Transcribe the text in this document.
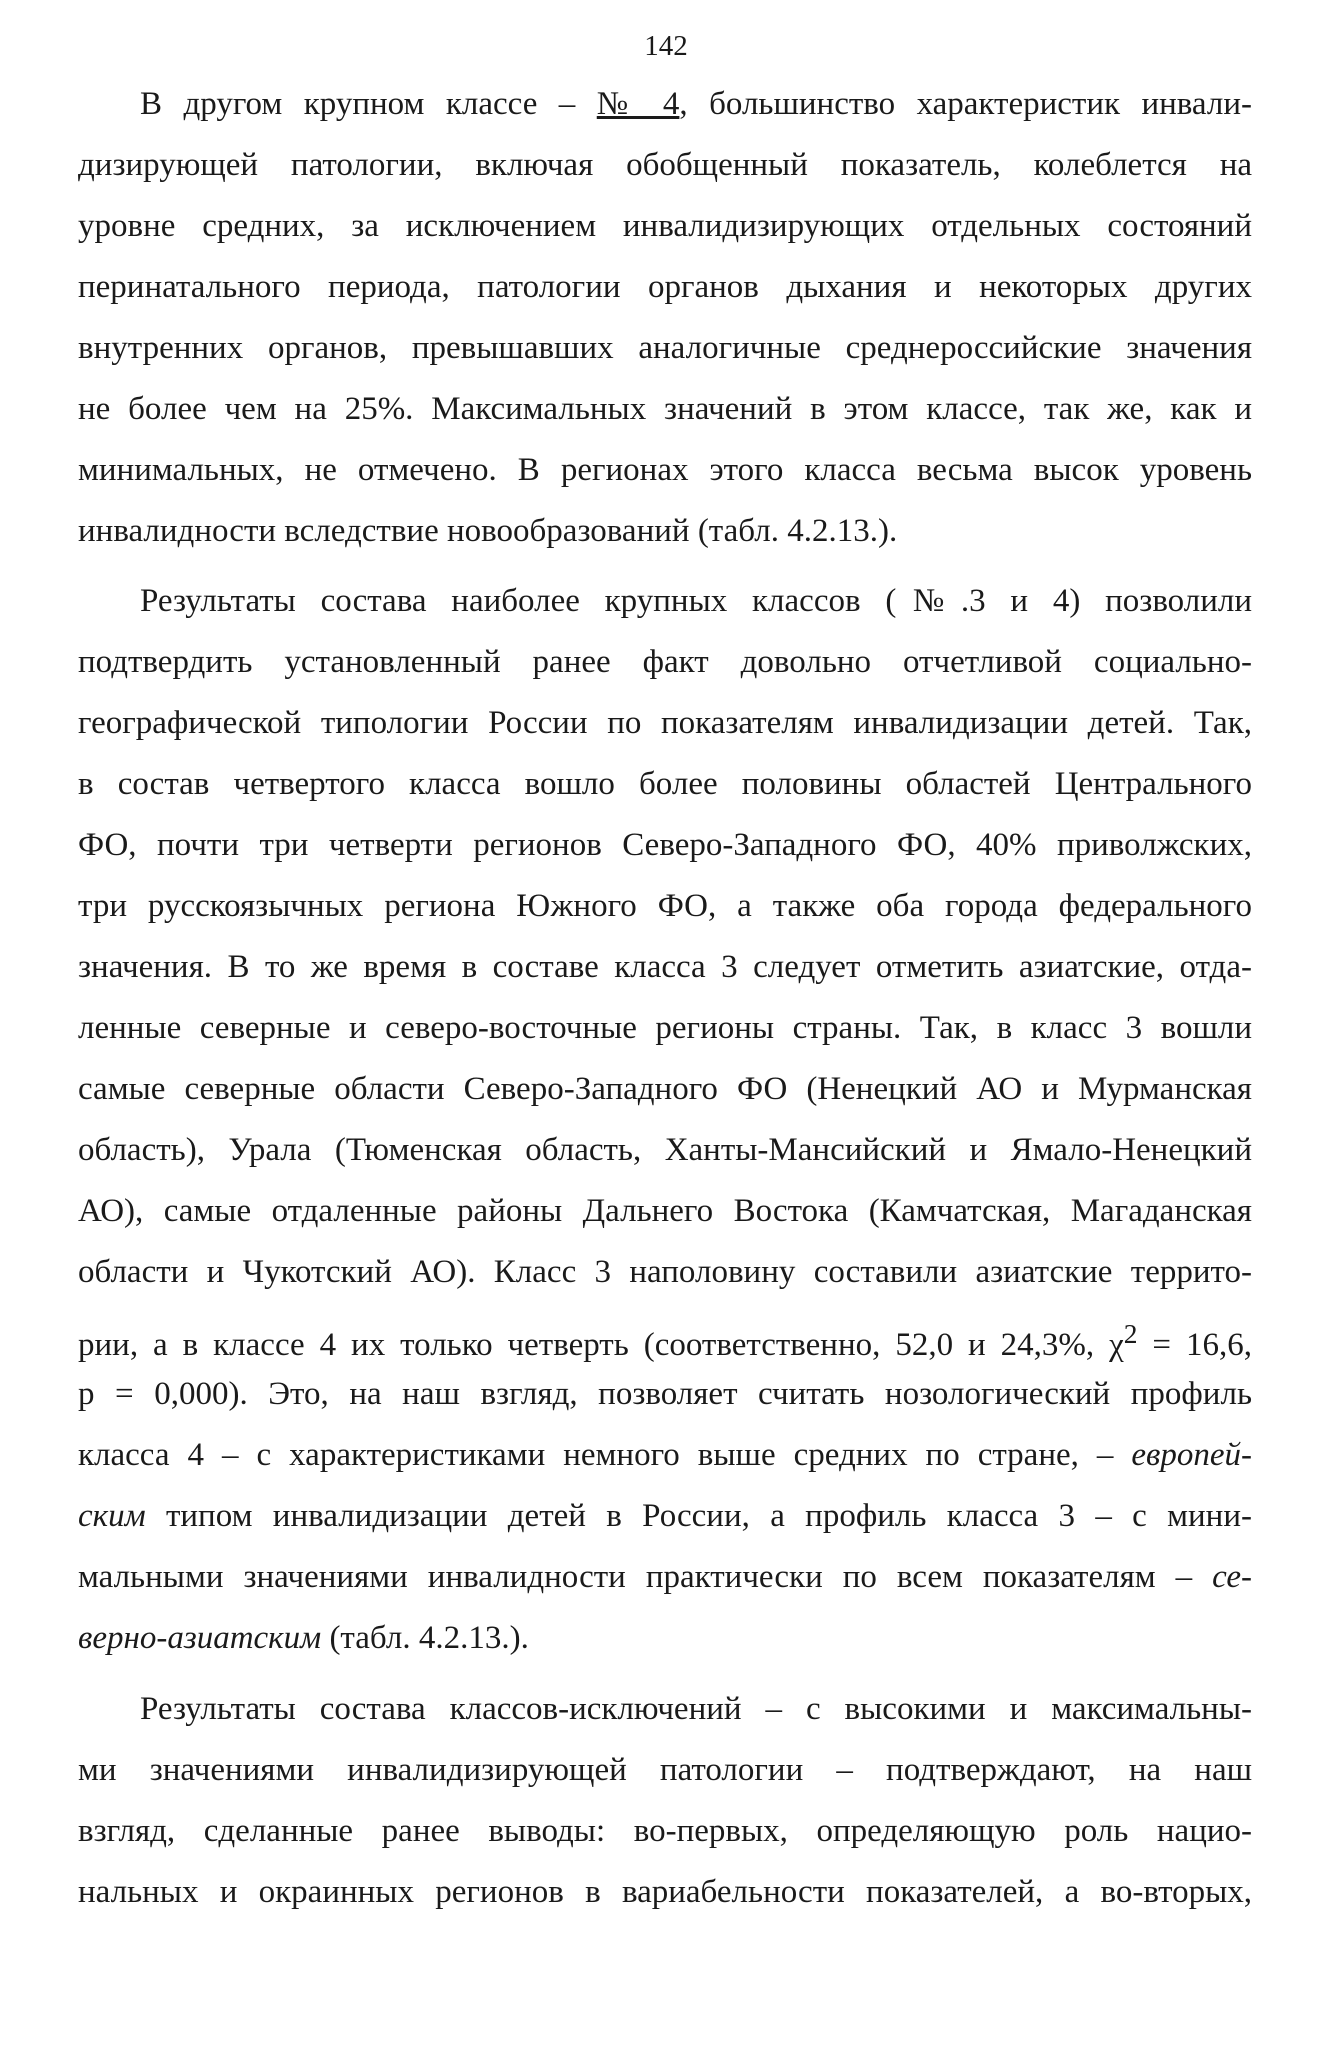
142
В другом крупном классе – № 4, большинство характеристик инвали-
дизирующей патологии, включая обобщенный показатель, колеблется на
уровне средних, за исключением инвалидизирующих отдельных состояний
перинатального периода, патологии органов дыхания и некоторых других
внутренних органов, превышавших аналогичные среднероссийские значения
не более чем на 25%. Максимальных значений в этом классе, так же, как и
минимальных, не отмечено. В регионах этого класса весьма высок уровень
инвалидности вследствие новообразований (табл. 4.2.13.).
Результаты состава наиболее крупных классов (№.3 и 4) позволили
подтвердить установленный ранее факт довольно отчетливой социально-
географической типологии России по показателям инвалидизации детей. Так,
в состав четвертого класса вошло более половины областей Центрального
ФО, почти три четверти регионов Северо-Западного ФО, 40% приволжских,
три русскоязычных региона Южного ФО, а также оба города федерального
значения. В то же время в составе класса 3 следует отметить азиатские, отда-
ленные северные и северо-восточные регионы страны. Так, в класс 3 вошли
самые северные области Северо-Западного ФО (Ненецкий АО и Мурманская
область), Урала (Тюменская область, Ханты-Мансийский и Ямало-Ненецкий
АО), самые отдаленные районы Дальнего Востока (Камчатская, Магаданская
области и Чукотский АО). Класс 3 наполовину составили азиатские террито-
рии, а в классе 4 их только четверть (соответственно, 52,0 и 24,3%, $\chi^2 = 16,6$,
p = 0,000). Это, на наш взгляд, позволяет считать нозологический профиль
класса 4 – с характеристиками немного выше средних по стране, – европей-
ским типом инвалидизации детей в России, а профиль класса 3 – с мини-
мальными значениями инвалидности практически по всем показателям – се-
верно-азиатским (табл. 4.2.13.).
Результаты состава классов-исключений – с высокими и максимальны-
ми значениями инвалидизирующей патологии – подтверждают, на наш
взгляд, сделанные ранее выводы: во-первых, определяющую роль нацио-
нальных и окраинных регионов в вариабельности показателей, а во-вторых,
